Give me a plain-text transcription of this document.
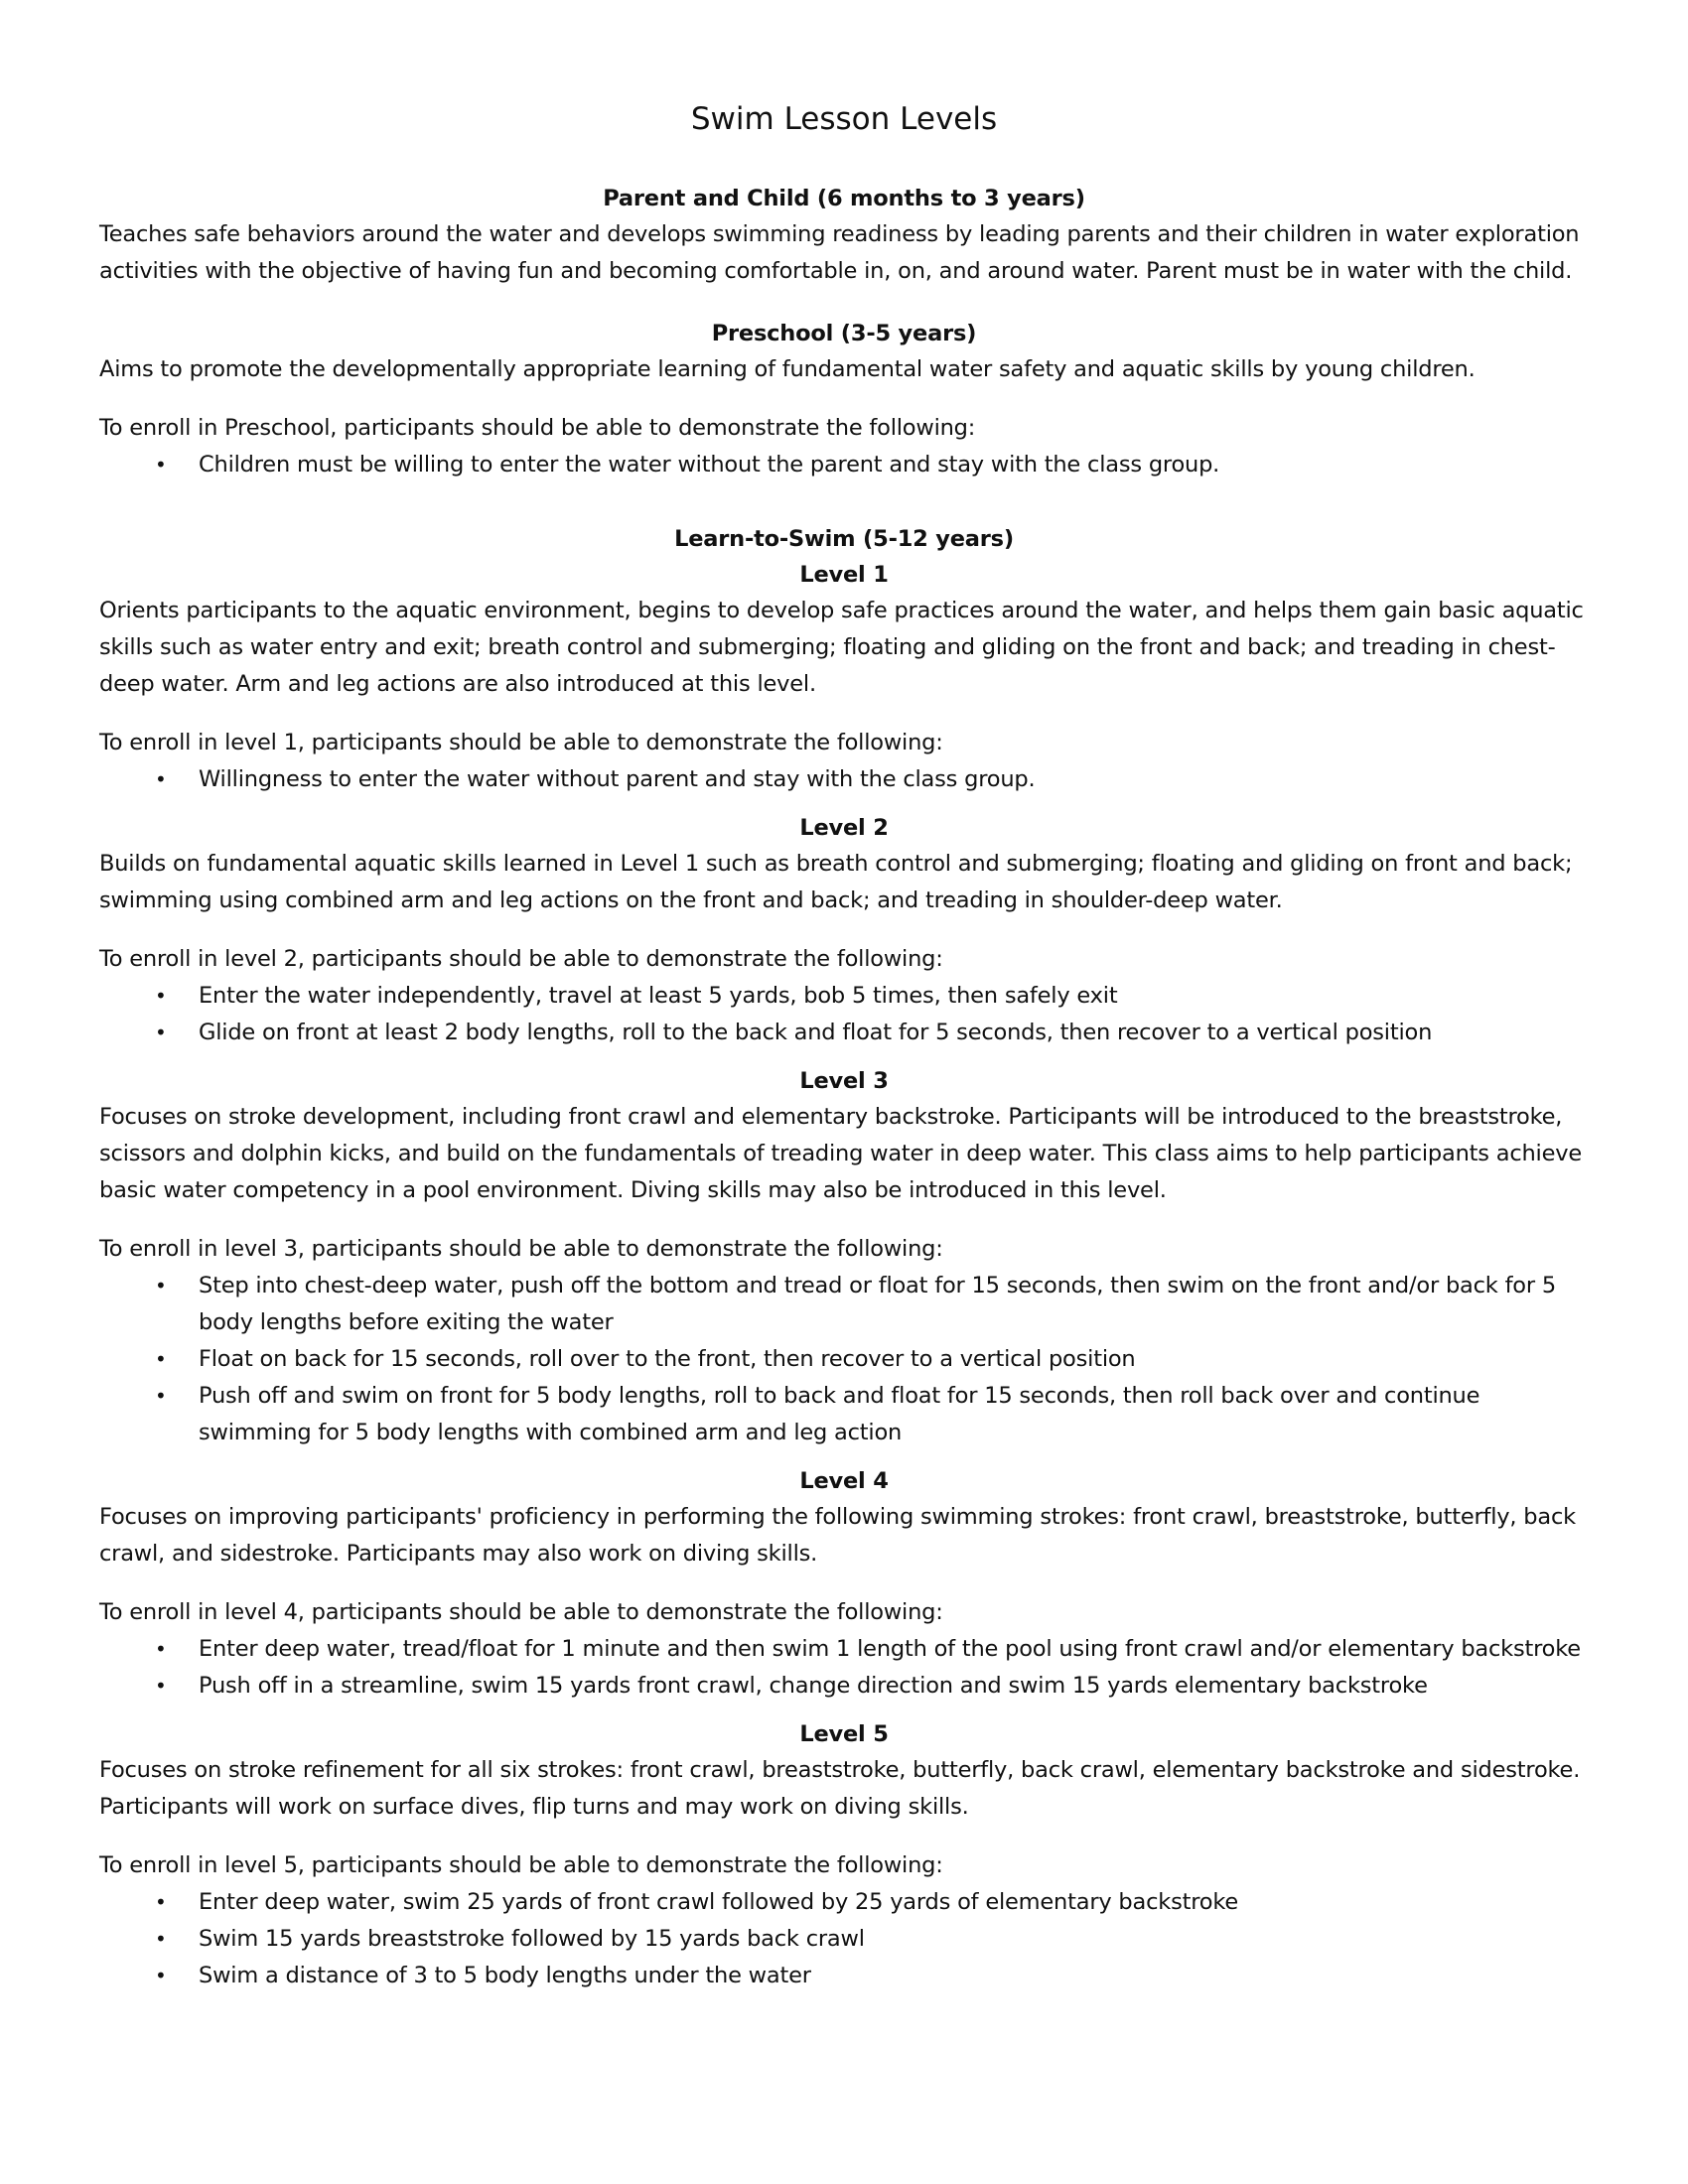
Swim Lesson Levels
Parent and Child (6 months to 3 years)

Teaches safe behaviors around the water and develops swimming readiness by leading parents and their children in water exploration activities with the objective of having fun and becoming comfortable in, on, and around water. Parent must be in water with the child.

Preschool (3-5 years)

Aims to promote the developmentally appropriate learning of fundamental water safety and aquatic skills by young children.

To enroll in Preschool, participants should be able to demonstrate the following:

• Children must be willing to enter the water without the parent and stay with the class group.
Learn-to-Swim (5-12 years)
Level 1

Orients participants to the aquatic environment, begins to develop safe practices around the water, and helps them gain basic aquatic skills such as water entry and exit; breath control and submerging; floating and gliding on the front and back; and treading in chest-deep water. Arm and leg actions are also introduced at this level.

To enroll in level 1, participants should be able to demonstrate the following:

• Willingness to enter the water without parent and stay with the class group.
Level 2

Builds on fundamental aquatic skills learned in Level 1 such as breath control and submerging; floating and gliding on front and back; swimming using combined arm and leg actions on the front and back; and treading in shoulder-deep water.

To enroll in level 2, participants should be able to demonstrate the following:

• Enter the water independently, travel at least 5 yards, bob 5 times, then safely exit
• Glide on front at least 2 body lengths, roll to the back and float for 5 seconds, then recover to a vertical position
Level 3

Focuses on stroke development, including front crawl and elementary backstroke. Participants will be introduced to the breaststroke, scissors and dolphin kicks, and build on the fundamentals of treading water in deep water. This class aims to help participants achieve basic water competency in a pool environment. Diving skills may also be introduced in this level.

To enroll in level 3, participants should be able to demonstrate the following:

• Step into chest-deep water, push off the bottom and tread or float for 15 seconds, then swim on the front and/or back for 5 body lengths before exiting the water
• Float on back for 15 seconds, roll over to the front, then recover to a vertical position
• Push off and swim on front for 5 body lengths, roll to back and float for 15 seconds, then roll back over and continue swimming for 5 body lengths with combined arm and leg action
Level 4

Focuses on improving participants' proficiency in performing the following swimming strokes: front crawl, breaststroke, butterfly, back crawl, and sidestroke. Participants may also work on diving skills.

To enroll in level 4, participants should be able to demonstrate the following:

• Enter deep water, tread/float for 1 minute and then swim 1 length of the pool using front crawl and/or elementary backstroke
• Push off in a streamline, swim 15 yards front crawl, change direction and swim 15 yards elementary backstroke
Level 5

Focuses on stroke refinement for all six strokes: front crawl, breaststroke, butterfly, back crawl, elementary backstroke and sidestroke. Participants will work on surface dives, flip turns and may work on diving skills.

To enroll in level 5, participants should be able to demonstrate the following:

• Enter deep water, swim 25 yards of front crawl followed by 25 yards of elementary backstroke
• Swim 15 yards breaststroke followed by 15 yards back crawl
• Swim a distance of 3 to 5 body lengths under the water
